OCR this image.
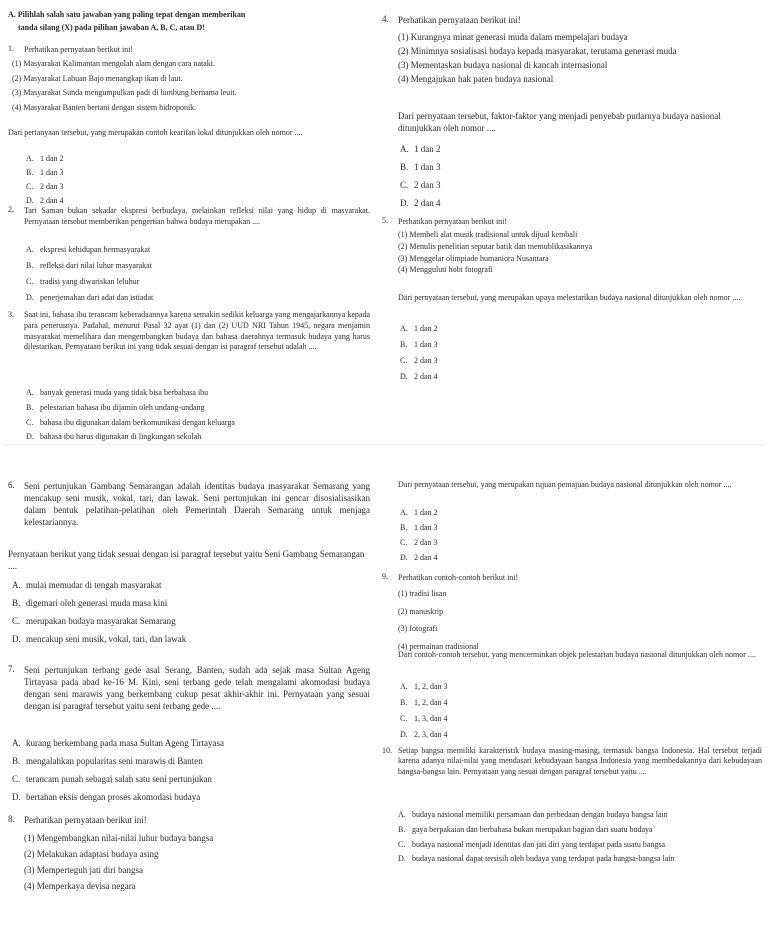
A. Pilihlah salah satu jawaban yang paling tepat dengan memberikan
tanda silang (X) pada pilihan jawaban A, B, C, atau D!
1. Perhatikan pernyataan berikut ini!
(1) Masyarakat Kalimantan mengolah alam dengan cara nataki.
(2) Masyarakat Labuan Bajo menangkap ikan di laut.
(3) Masyarakat Sunda mengumpulkan padi di lumbung bernama leuit.
(4) Masyarakat Banten bertani dengan sistem hidroponik.
Dari pertanyaan tersebut, yang merupakan contoh kearifan lokal ditunjukkan oleh nomor ....
A. 1 dan 2
B. 1 dan 3
C. 2 dan 3
D. 2 dan 4
2. Tari Saman bukan sekadar ekspresi berbudaya, melainkan refleksi nilai yang hidup di masyarakat. Pernyataan tersebut memberikan pengertian bahwa budaya merupakan ....
A. ekspresi kehidupan bermasyarakat
B. refleksi dari nilai luhur masyarakat
C. tradisi yang diwariskan leluhur
D. penerjemahan dari adat dan istiadat
3. Saat ini, bahasa ibu terancam keberadaannya karena semakin sedikit keluarga yang mengajarkannya kepada para penerusnya. Padahal, menurut Pasal 32 ayat (1) dan (2) UUD NRI Tahun 1945, negara menjamin masyarakat memelihara dan mengembangkan budaya dan bahasa daerahnya termasuk budaya yang harus dilestarikan. Pernyataan berikut ini yang tidak sesuai dengan isi paragraf tersebut adalah ....
A. banyak generasi muda yang tidak bisa berbahasa ibu
B. pelestarian bahasa ibu dijamin oleh undang-undang
C. bahasa ibu digunakan dalam berkomunikasi dengan keluarga
D. bahasa ibu harus digunakan di lingkungan sekolah
4. Perhatikan pernyataan berikut ini!
(1) Kurangnya minat generasi muda dalam mempelajari budaya
(2) Minimnya sosialisasi budaya kepada masyarakat, terutama generasi muda
(3) Mementaskan budaya nasional di kancah internasional
(4) Mengajukan hak paten budaya nasional
Dari pernyataan tersebut, faktor-faktor yang menjadi penyebab pudarnya budaya nasional ditunjukkan oleh nomor ....
A. 1 dan 2
B. 1 dan 3
C. 2 dan 3
D. 2 dan 4
5. Perhatikan pernyataan berikut ini!
(1) Membeli alat musik tradisional untuk dijual kembali
(2) Menulis penelitian seputar batik dan memublikasikannya
(3) Menggelar olimpiade humaniora Nusantara
(4) Mengguluti hobi fotografi
Dari pernyataan tersebut, yang merupakan upaya melestarikan budaya nasional ditunjukkan oleh nomor ....
A. 1 dan 2
B. 1 dan 3
C. 2 dan 3
D. 2 dan 4
6. Seni pertunjukan Gambang Semarangan adalah identitas budaya masyarakat Semarang yang mencakup seni musik, vokal, tari, dan lawak. Seni pertunjukan ini gencar disosialisasikan dalam bentuk pelatihan-pelatihan oleh Pemerintah Daerah Semarang untuk menjaga kelestariannya.
Pernyataan berikut yang tidak sesuai dengan isi paragraf tersebut yaitu Seni Gambang Semarangan ....
A. mulai memudar di tengah masyarakat
B. digemari oleh generasi muda masa kini
C. merupakan budaya masyarakat Semarang
D. mencakup seni musik, vokal, tari, dan lawak
7. Seni pertunjukan terbang gede asal Serang, Banten, sudah ada sejak masa Sultan Ageng Tirtayasa pada abad ke-16 M. Kini, seni terbang gede telah mengalami akomodasi budaya dengan seni marawis yang berkembang cukup pesat akhir-akhir ini. Pernyataan yang sesuai dengan isi paragraf tersebut yaitu seni terbang gede ....
A. kurang berkembang pada masa Sultan Ageng Tirtayasa
B. mengalahkan popularitas seni marawis di Banten
C. terancam punah sebagai salah satu seni pertunjukan
D. bertahan eksis dengan proses akomodasi budaya
8. Perhatikan pernyataan berikut ini!
(1) Mengembangkan nilai-nilai luhur budaya bangsa
(2) Melakukan adaptasi budaya asing
(3) Memperteguh jati diri bangsa
(4) Memperkaya devisa negara
Dari pernyataan tersebut, yang merupakan tujuan pemajuan budaya nasional ditunjukkan oleh nomor ....
A. 1 dan 2
B. 1 dan 3
C. 2 dan 3
D. 2 dan 4
9. Perhatikan contoh-contoh berikut ini!
(1) tradisi lisan
(2) manuskrip
(3) fotografi
(4) permainan tradisional
Dari contoh-contoh tersebut, yang mencerminkan objek pelestarian budaya nasional ditunjukkan oleh nomor ....
A. 1, 2, dan 3
B. 1, 2, dan 4
C. 1, 3, dan 4
D. 2, 3, dan 4
10. Setiap bangsa memiliki karakteristik budaya masing-masing, termasuk bangsa Indonesia. Hal tersebut terjadi karena adanya nilai-nilai yang mendasari kebudayaan bangsa Indonesia yang membedakannya dari kebudayaan bangsa-bangsa lain. Pernyataan yang sesuai dengan paragraf tersebut yaitu ....
A. budaya nasional memiliki persamaan dan perbedaan dengan budaya bangsa lain
B. gaya berpakaian dan berbahasa bukan merupakan bagian dari suatu budaya
C. budaya nasional menjadi identitas dan jati diri yang terdapat pada suatu bangsa
D. budaya nasional dapat tersisih oleh budaya yang terdapat pada bangsa-bangsa lain
